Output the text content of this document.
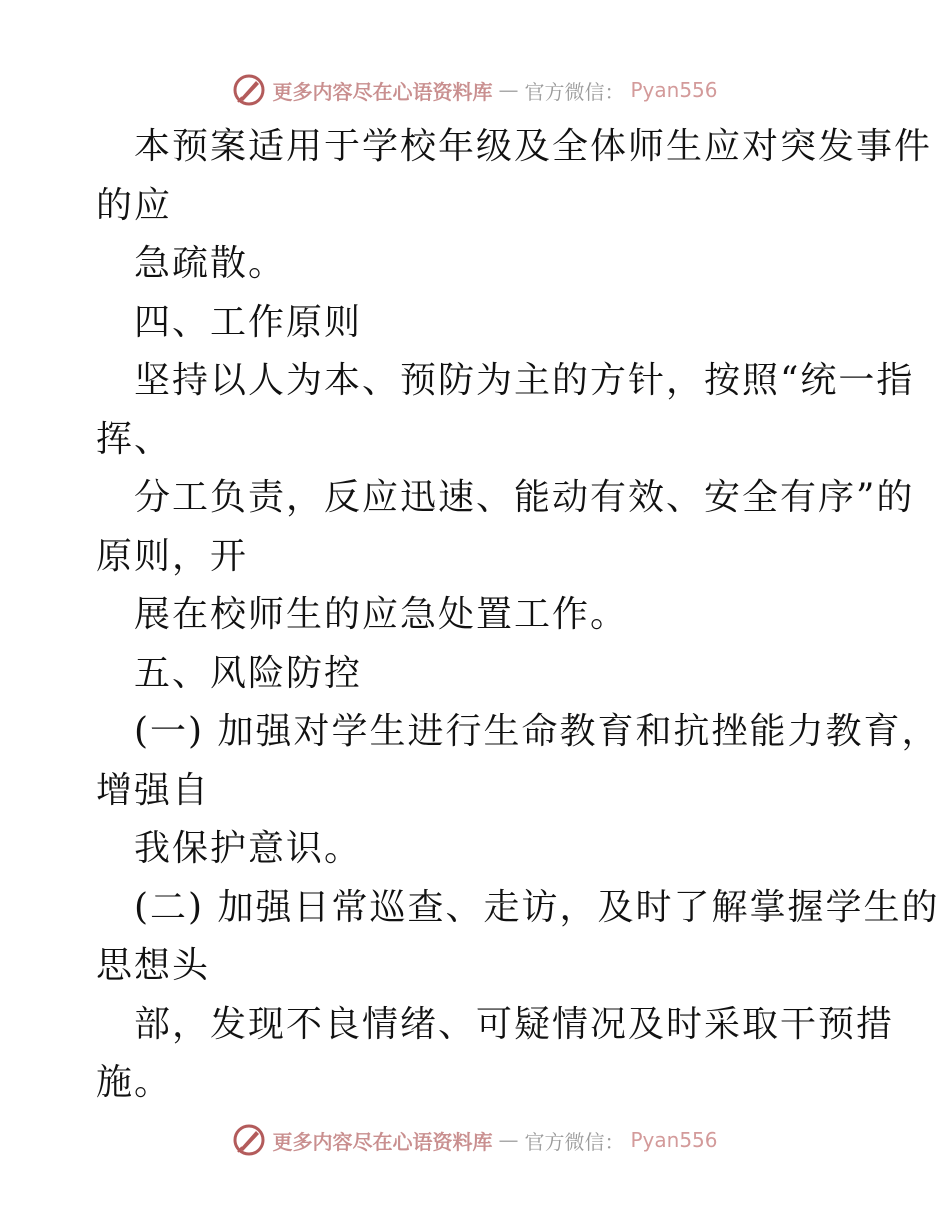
更多内容尽在心语资料库 — 官方微信： Pyan556
本预案适用于学校年级及全体师生应对突发事件
的应
急疏散。
四、工作原则
坚持以人为本、预防为主的方针，按照“统一指
挥、
分工负责，反应迅速、能动有效、安全有序”的
原则，开
展在校师生的应急处置工作。
五、风险防控
(一) 加强对学生进行生命教育和抗挫能力教育，
增强自
我保护意识。
(二) 加强日常巡查、走访，及时了解掌握学生的
思想头
部，发现不良情绪、可疑情况及时采取干预措
施。
更多内容尽在心语资料库 — 官方微信： Pyan556
